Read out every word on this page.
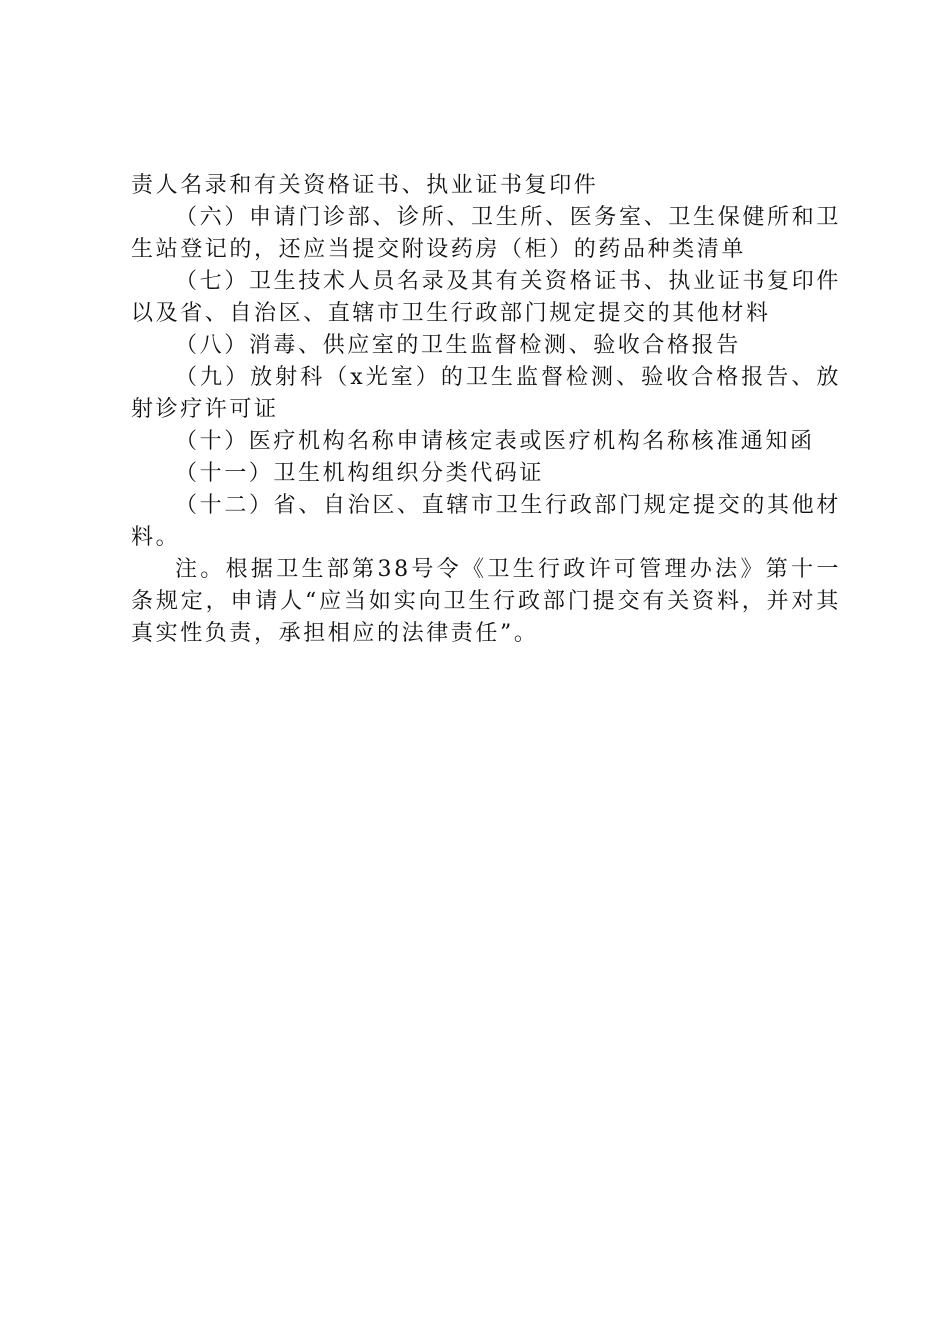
责人名录和有关资格证书、执业证书复印件

（六）申请门诊部、诊所、卫生所、医务室、卫生保健所和卫生站登记的，还应当提交附设药房（柜）的药品种类清单

（七）卫生技术人员名录及其有关资格证书、执业证书复印件以及省、自治区、直辖市卫生行政部门规定提交的其他材料

（八）消毒、供应室的卫生监督检测、验收合格报告

（九）放射科（x光室）的卫生监督检测、验收合格报告、放射诊疗许可证

（十）医疗机构名称申请核定表或医疗机构名称核准通知函

（十一）卫生机构组织分类代码证

（十二）省、自治区、直辖市卫生行政部门规定提交的其他材料。

注。根据卫生部第38号令《卫生行政许可管理办法》第十一条规定，申请人“应当如实向卫生行政部门提交有关资料，并对其真实性负责，承担相应的法律责任”。
